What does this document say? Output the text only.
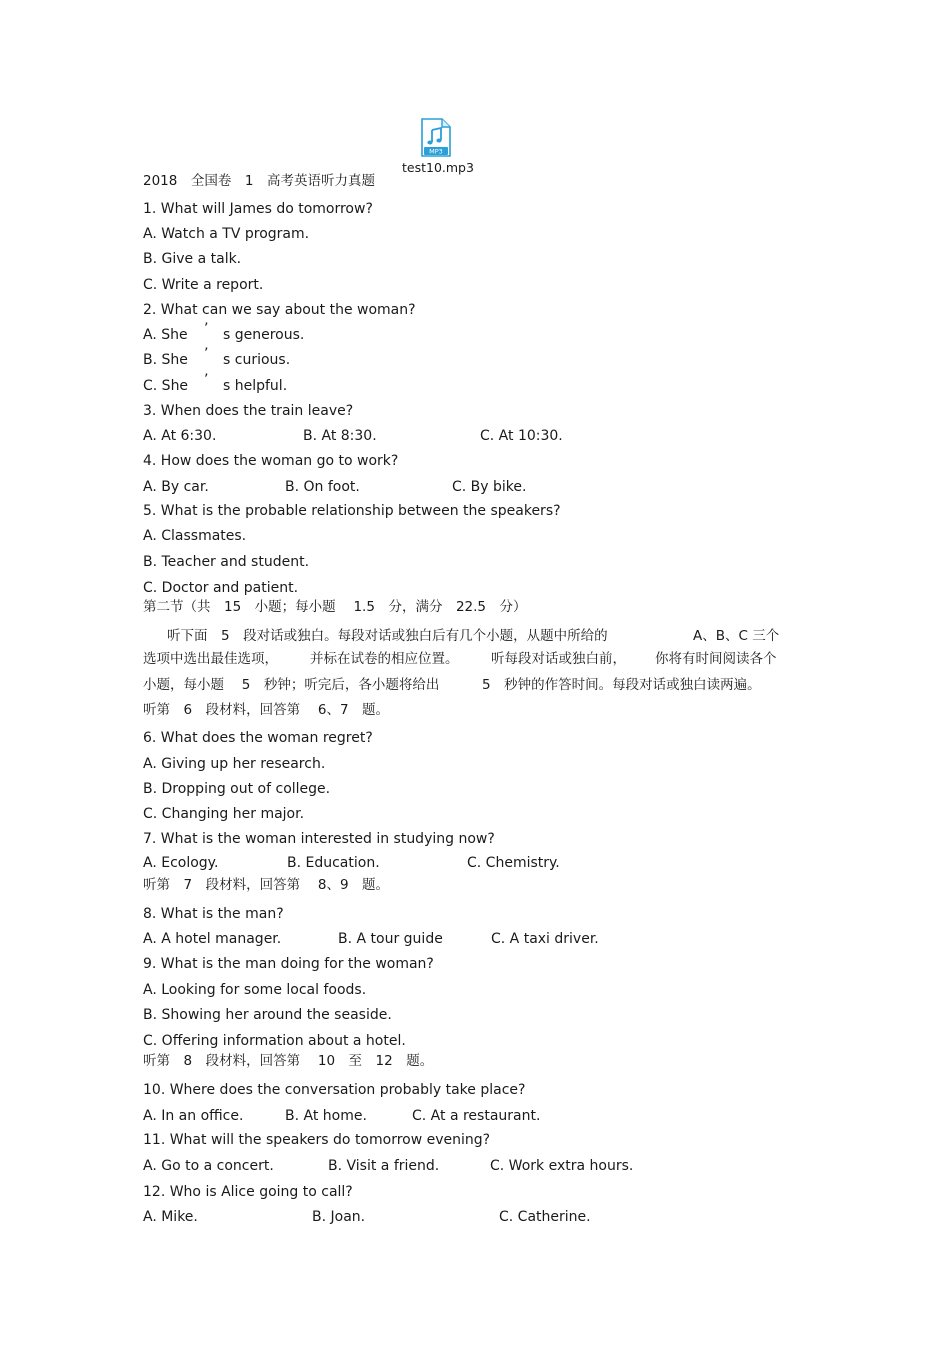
MP3
test10.mp3
2018　全国卷　1　高考英语听力真题
1. What will James do tomorrow?
A. Watch a TV program.
B. Give a talk.
C. Write a report.
2. What can we say about the woman?
A. She ’ s generous.
B. She ’ s curious.
C. She ’ s helpful.
3. When does the train leave?
A. At 6:30.	B. At 8:30.	C. At 10:30.
4. How does the woman go to work?
A. By car.	B. On foot.	C. By bike.
5. What is the probable relationship between the speakers?
A. Classmates.
B. Teacher and student.
C. Doctor and patient.
第二节（共　15　小题；每小题　 1.5　分，满分　22.5　分）
听下面　5　段对话或独白。每段对话或独白后有几个小题，从题中所给的	A、B、C 三个
选项中选出最佳选项， 并标在试卷的相应位置。 听每段对话或独白前， 你将有时间阅读各个
小题，每小题　 5　秒钟；听完后，各小题将给出	5　秒钟的作答时间。每段对话或独白读两遍。
听第　6　段材料，回答第　 6、7　题。
6. What does the woman regret?
A. Giving up her research.
B. Dropping out of college.
C. Changing her major.
7. What is the woman interested in studying now?
A. Ecology.	B. Education.	C. Chemistry.
听第　7　段材料，回答第　 8、9　题。
8. What is the man?
A. A hotel manager.	B. A tour guide	C. A taxi driver.
9. What is the man doing for the woman?
A. Looking for some local foods.
B. Showing her around the seaside.
C. Offering information about a hotel.
听第　8　段材料，回答第　 10　至　12　题。
10. Where does the conversation probably take place?
A. In an office.	B. At home.	C. At a restaurant.
11. What will the speakers do tomorrow evening?
A. Go to a concert.	B. Visit a friend.	C. Work extra hours.
12. Who is Alice going to call?
A. Mike.	B. Joan.	C. Catherine.
